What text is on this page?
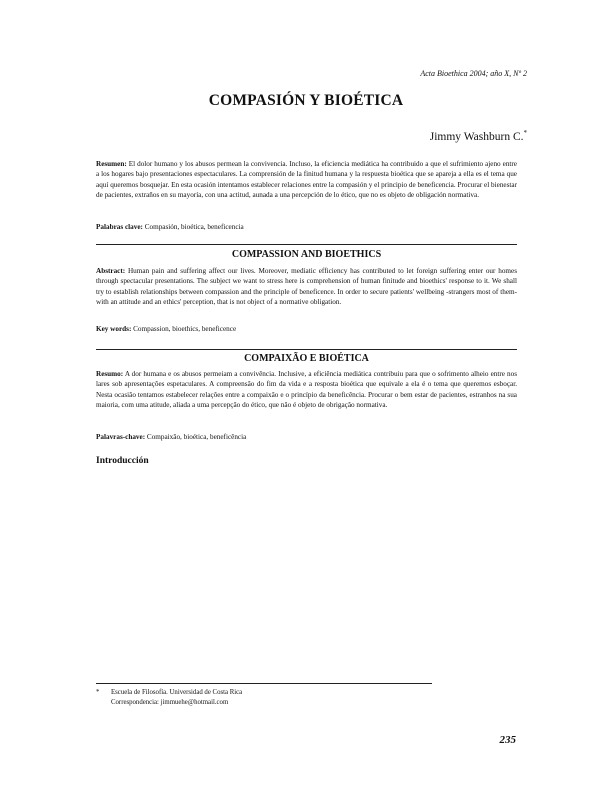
Acta Bioethica 2004; año X, Nº 2
COMPASIÓN Y BIOÉTICA
Jimmy Washburn C.*

Resumen: El dolor humano y los abusos permean la convivencia. Incluso, la eficiencia mediática ha contribuido a que el sufrimiento ajeno entre a los hogares bajo presentaciones espectaculares. La comprensión de la finitud humana y la respuesta bioética que se apareja a ella es el tema que aquí queremos bosquejar. En esta ocasión intentamos establecer relaciones entre la compasión y el principio de beneficencia. Procurar el bienestar de pacientes, extraños en su mayoría, con una actitud, aunada a una percepción de lo ético, que no es objeto de obligación normativa.

Palabras clave: Compasión, bioética, beneficencia

COMPASSION AND BIOETHICS

Abstract: Human pain and suffering affect our lives. Moreover, mediatic efficiency has contributed to let foreign suffering enter our homes through spectacular presentations. The subject we want to stress here is comprehension of human finitude and bioethics' response to it. We shall try to establish relationships between compassion and the principle of beneficence. In order to secure patients' wellbeing -strangers most of them- with an attitude and an ethics' perception, that is not object of a normative obligation.

Key words: Compassion, bioethics, beneficence

COMPAIXÃO E BIOÉTICA

Resumo: A dor humana e os abusos permeiam a convivência. Inclusive, a eficiência mediática contribuiu para que o sofrimento alheio entre nos lares sob apresentações espetaculares. A compreensão do fim da vida e a resposta bioética que equivale a ela é o tema que queremos esboçar. Nesta ocasião tentamos estabelecer relações entre a compaixão e o princípio da beneficência. Procurar o bem estar de pacientes, estranhos na sua maioria, com uma atitude, aliada a uma percepção do ético, que não é objeto de obrigação normativa.

Palavras-chave: Compaixão, bioética, beneficência

Introducción
* Escuela de Filosofía. Universidad de Costa Rica
Correspondencia: jimmuehe@hotmail.com
235
